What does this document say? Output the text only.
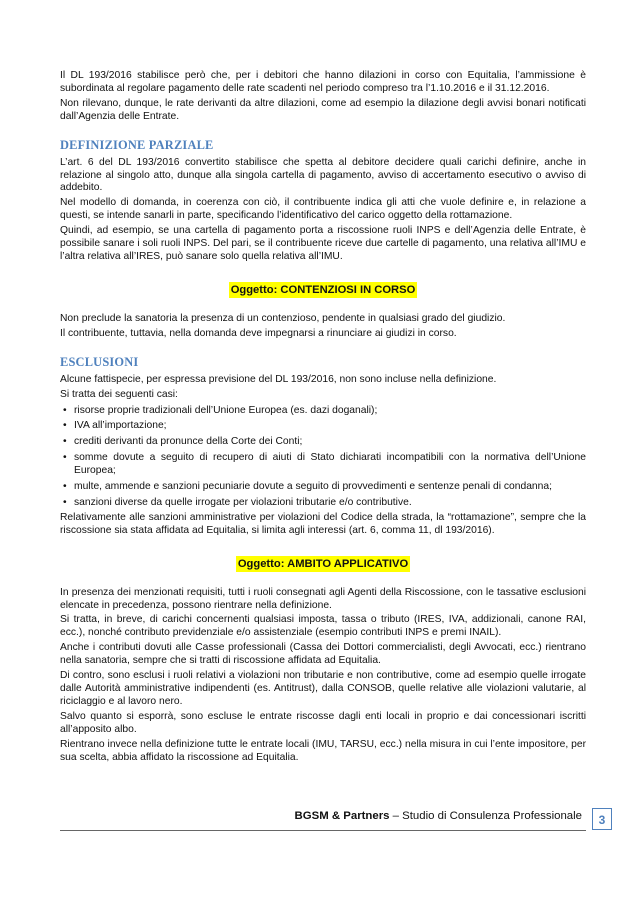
Il DL 193/2016 stabilisce però che, per i debitori che hanno dilazioni in corso con Equitalia, l’ammissione è subordinata al regolare pagamento delle rate scadenti nel periodo compreso tra l’1.10.2016 e il 31.12.2016.

Non rilevano, dunque, le rate derivanti da altre dilazioni, come ad esempio la dilazione degli avvisi bonari notificati dall’Agenzia delle Entrate.

DEFINIZIONE PARZIALE

L’art. 6 del DL 193/2016 convertito stabilisce che spetta al debitore decidere quali carichi definire, anche in relazione al singolo atto, dunque alla singola cartella di pagamento, avviso di accertamento esecutivo o avviso di addebito.

Nel modello di domanda, in coerenza con ciò, il contribuente indica gli atti che vuole definire e, in relazione a questi, se intende sanarli in parte, specificando l’identificativo del carico oggetto della rottamazione.

Quindi, ad esempio, se una cartella di pagamento porta a riscossione ruoli INPS e dell’Agenzia delle Entrate, è possibile sanare i soli ruoli INPS. Del pari, se il contribuente riceve due cartelle di pagamento, una relativa all’IMU e l’altra relativa all’IRES, può sanare solo quella relativa all’IMU.

Oggetto: CONTENZIOSI IN CORSO

Non preclude la sanatoria la presenza di un contenzioso, pendente in qualsiasi grado del giudizio.

Il contribuente, tuttavia, nella domanda deve impegnarsi a rinunciare ai giudizi in corso.

ESCLUSIONI

Alcune fattispecie, per espressa previsione del DL 193/2016, non sono incluse nella definizione.

Si tratta dei seguenti casi:

• risorse proprie tradizionali dell’Unione Europea (es. dazi doganali);
• IVA all’importazione;
• crediti derivanti da pronunce della Corte dei Conti;
• somme dovute a seguito di recupero di aiuti di Stato dichiarati incompatibili con la normativa dell’Unione Europea;
• multe, ammende e sanzioni pecuniarie dovute a seguito di provvedimenti e sentenze penali di condanna;
• sanzioni diverse da quelle irrogate per violazioni tributarie e/o contributive.

Relativamente alle sanzioni amministrative per violazioni del Codice della strada, la “rottamazione”, sempre che la riscossione sia stata affidata ad Equitalia, si limita agli interessi (art. 6, comma 11, dl 193/2016).

Oggetto: AMBITO APPLICATIVO

In presenza dei menzionati requisiti, tutti i ruoli consegnati agli Agenti della Riscossione, con le tassative esclusioni elencate in precedenza, possono rientrare nella definizione.

Si tratta, in breve, di carichi concernenti qualsiasi imposta, tassa o tributo (IRES, IVA, addizionali, canone RAI, ecc.), nonché contributo previdenziale e/o assistenziale (esempio contributi INPS e premi INAIL).

Anche i contributi dovuti alle Casse professionali (Cassa dei Dottori commercialisti, degli Avvocati, ecc.) rientrano nella sanatoria, sempre che si tratti di riscossione affidata ad Equitalia.

Di contro, sono esclusi i ruoli relativi a violazioni non tributarie e non contributive, come ad esempio quelle irrogate dalle Autorità amministrative indipendenti (es. Antitrust), dalla CONSOB, quelle relative alle violazioni valutarie, al riciclaggio e al lavoro nero.

Salvo quanto si esporrà, sono escluse le entrate riscosse dagli enti locali in proprio e dai concessionari iscritti all’apposito albo.

Rientrano invece nella definizione tutte le entrate locali (IMU, TARSU, ecc.) nella misura in cui l’ente impositore, per sua scelta, abbia affidato la riscossione ad Equitalia.

BGSM & Partners – Studio di Consulenza Professionale	3
